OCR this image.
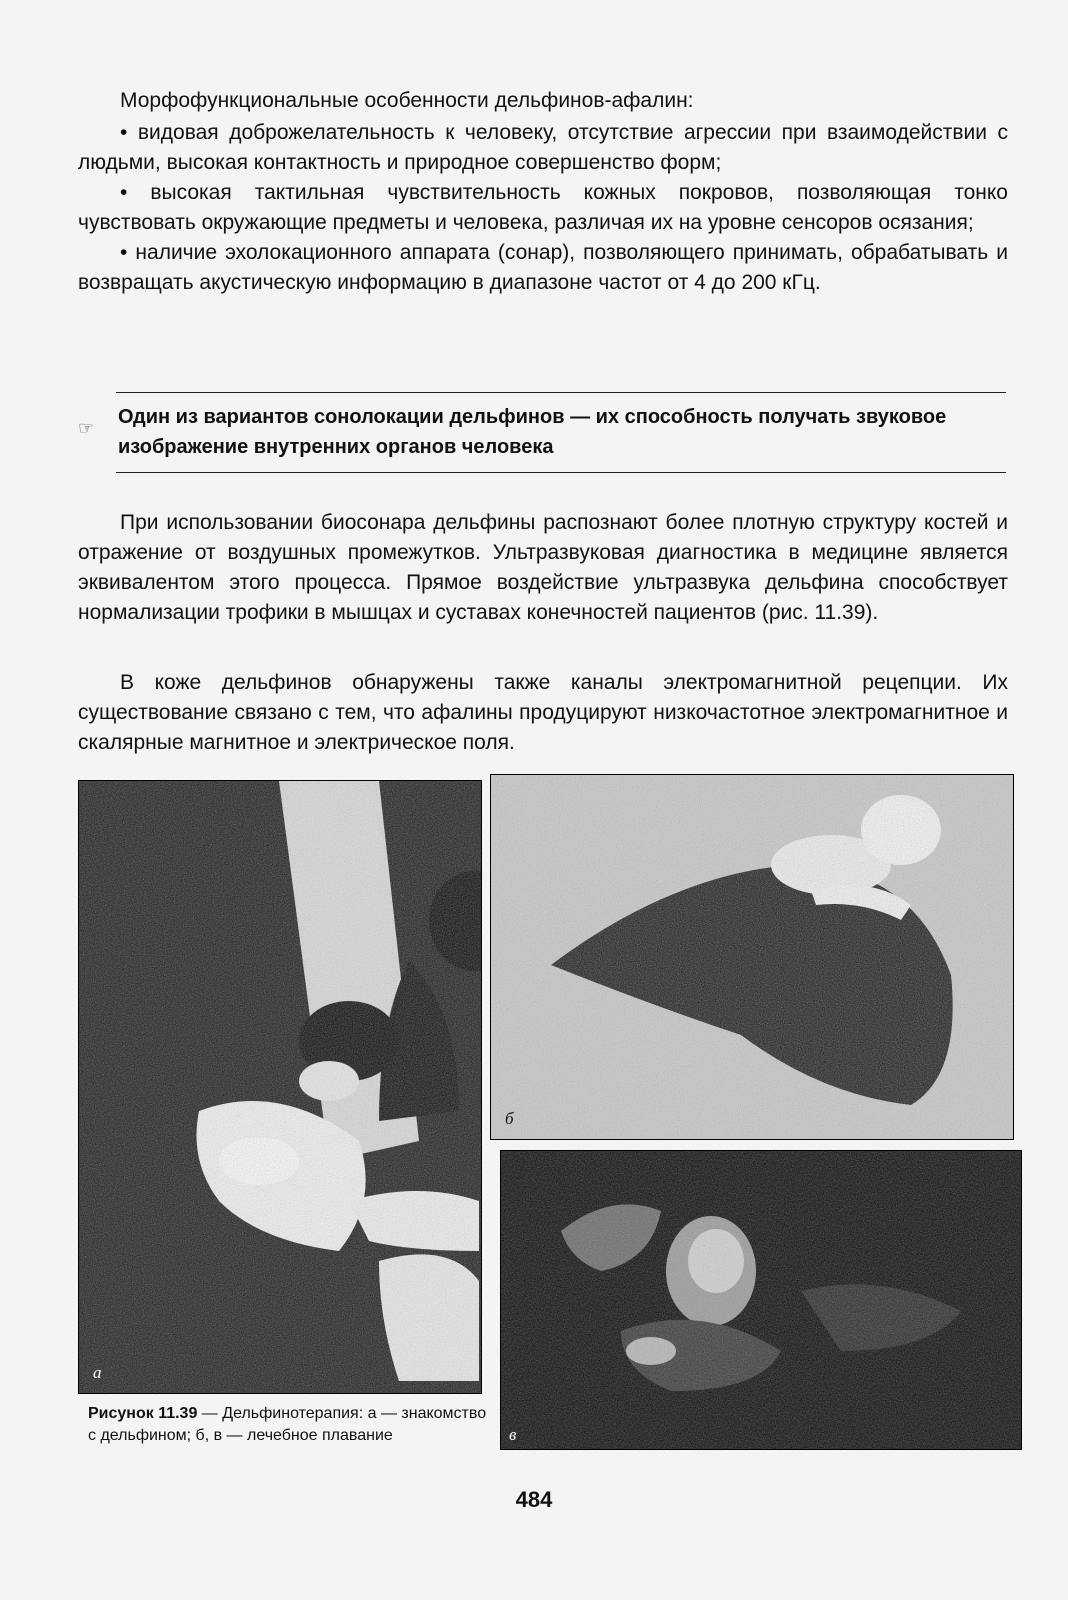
Морфофункциональные особенности дельфинов-афалин:

• видовая доброжелательность к человеку, отсутствие агрессии при взаимодействии с людьми, высокая контактность и природное совершенство форм;
• высокая тактильная чувствительность кожных покровов, позволяющая тонко чувствовать окружающие предметы и человека, различая их на уровне сенсоров осязания;
• наличие эхолокационного аппарата (сонар), позволяющего принимать, обрабатывать и возвращать акустическую информацию в диапазоне частот от 4 до 200 кГц.
☞ Один из вариантов сонолокации дельфинов — их способность получать звуковое изображение внутренних органов человека

При использовании биосонара дельфины распознают более плотную структуру костей и отражение от воздушных промежутков. Ультразвуковая диагностика в медицине является эквивалентом этого процесса. Прямое воздействие ультразвука дельфина способствует нормализации трофики в мышцах и суставах конечностей пациентов (рис. 11.39).

В коже дельфинов обнаружены также каналы электромагнитной рецепции. Их существование связано с тем, что афалины продуцируют низкочастотное электромагнитное и скалярные магнитное и электрическое поля.

а
б
в

Рисунок 11.39 — Дельфинотерапия: а — знакомство с дельфином; б, в — лечебное плавание

484
